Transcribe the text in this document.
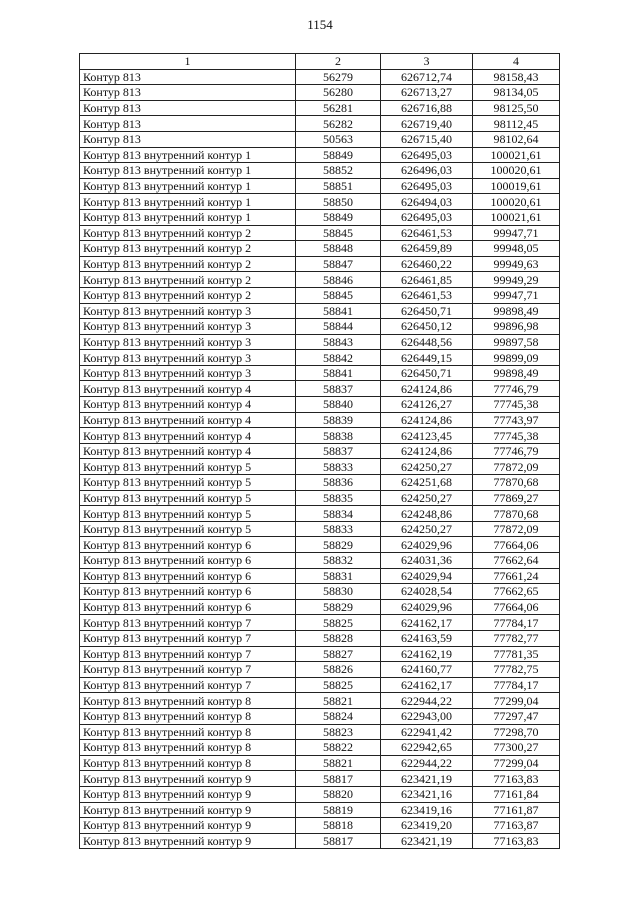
1154
1	2	3	4
Контур 813	56279	626712,74	98158,43
Контур 813	56280	626713,27	98134,05
Контур 813	56281	626716,88	98125,50
Контур 813	56282	626719,40	98112,45
Контур 813	50563	626715,40	98102,64
Контур 813 внутренний контур 1	58849	626495,03	100021,61
Контур 813 внутренний контур 1	58852	626496,03	100020,61
Контур 813 внутренний контур 1	58851	626495,03	100019,61
Контур 813 внутренний контур 1	58850	626494,03	100020,61
Контур 813 внутренний контур 1	58849	626495,03	100021,61
Контур 813 внутренний контур 2	58845	626461,53	99947,71
Контур 813 внутренний контур 2	58848	626459,89	99948,05
Контур 813 внутренний контур 2	58847	626460,22	99949,63
Контур 813 внутренний контур 2	58846	626461,85	99949,29
Контур 813 внутренний контур 2	58845	626461,53	99947,71
Контур 813 внутренний контур 3	58841	626450,71	99898,49
Контур 813 внутренний контур 3	58844	626450,12	99896,98
Контур 813 внутренний контур 3	58843	626448,56	99897,58
Контур 813 внутренний контур 3	58842	626449,15	99899,09
Контур 813 внутренний контур 3	58841	626450,71	99898,49
Контур 813 внутренний контур 4	58837	624124,86	77746,79
Контур 813 внутренний контур 4	58840	624126,27	77745,38
Контур 813 внутренний контур 4	58839	624124,86	77743,97
Контур 813 внутренний контур 4	58838	624123,45	77745,38
Контур 813 внутренний контур 4	58837	624124,86	77746,79
Контур 813 внутренний контур 5	58833	624250,27	77872,09
Контур 813 внутренний контур 5	58836	624251,68	77870,68
Контур 813 внутренний контур 5	58835	624250,27	77869,27
Контур 813 внутренний контур 5	58834	624248,86	77870,68
Контур 813 внутренний контур 5	58833	624250,27	77872,09
Контур 813 внутренний контур 6	58829	624029,96	77664,06
Контур 813 внутренний контур 6	58832	624031,36	77662,64
Контур 813 внутренний контур 6	58831	624029,94	77661,24
Контур 813 внутренний контур 6	58830	624028,54	77662,65
Контур 813 внутренний контур 6	58829	624029,96	77664,06
Контур 813 внутренний контур 7	58825	624162,17	77784,17
Контур 813 внутренний контур 7	58828	624163,59	77782,77
Контур 813 внутренний контур 7	58827	624162,19	77781,35
Контур 813 внутренний контур 7	58826	624160,77	77782,75
Контур 813 внутренний контур 7	58825	624162,17	77784,17
Контур 813 внутренний контур 8	58821	622944,22	77299,04
Контур 813 внутренний контур 8	58824	622943,00	77297,47
Контур 813 внутренний контур 8	58823	622941,42	77298,70
Контур 813 внутренний контур 8	58822	622942,65	77300,27
Контур 813 внутренний контур 8	58821	622944,22	77299,04
Контур 813 внутренний контур 9	58817	623421,19	77163,83
Контур 813 внутренний контур 9	58820	623421,16	77161,84
Контур 813 внутренний контур 9	58819	623419,16	77161,87
Контур 813 внутренний контур 9	58818	623419,20	77163,87
Контур 813 внутренний контур 9	58817	623421,19	77163,83
